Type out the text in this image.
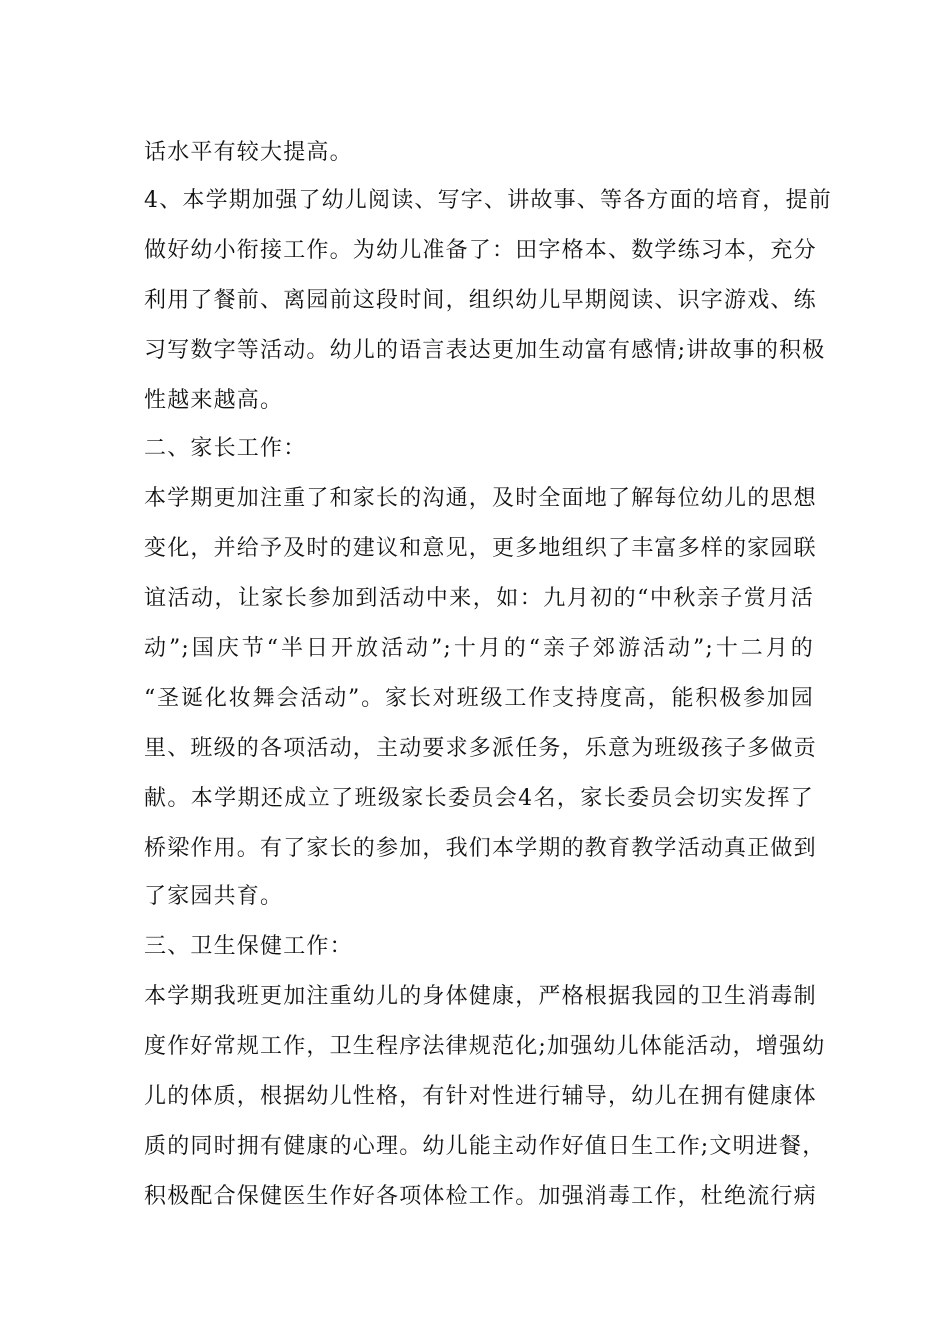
话水平有较大提高。

4、本学期加强了幼儿阅读、写字、讲故事、等各方面的培育，提前

做好幼小衔接工作。为幼儿准备了：田字格本、数学练习本，充分

利用了餐前、离园前这段时间，组织幼儿早期阅读、识字游戏、练

习写数字等活动。幼儿的语言表达更加生动富有感情;讲故事的积极

性越来越高。

二、家长工作：

本学期更加注重了和家长的沟通，及时全面地了解每位幼儿的思想

变化，并给予及时的建议和意见，更多地组织了丰富多样的家园联

谊活动，让家长参加到活动中来，如：九月初的“中秋亲子赏月活

动”;国庆节“半日开放活动”;十月的“亲子郊游活动”;十二月的

“圣诞化妆舞会活动”。家长对班级工作支持度高，能积极参加园

里、班级的各项活动，主动要求多派任务，乐意为班级孩子多做贡

献。本学期还成立了班级家长委员会4名，家长委员会切实发挥了

桥梁作用。有了家长的参加，我们本学期的教育教学活动真正做到

了家园共育。

三、卫生保健工作：

本学期我班更加注重幼儿的身体健康，严格根据我园的卫生消毒制

度作好常规工作，卫生程序法律规范化;加强幼儿体能活动，增强幼

儿的体质，根据幼儿性格，有针对性进行辅导，幼儿在拥有健康体

质的同时拥有健康的心理。幼儿能主动作好值日生工作;文明进餐，

积极配合保健医生作好各项体检工作。加强消毒工作，杜绝流行病
